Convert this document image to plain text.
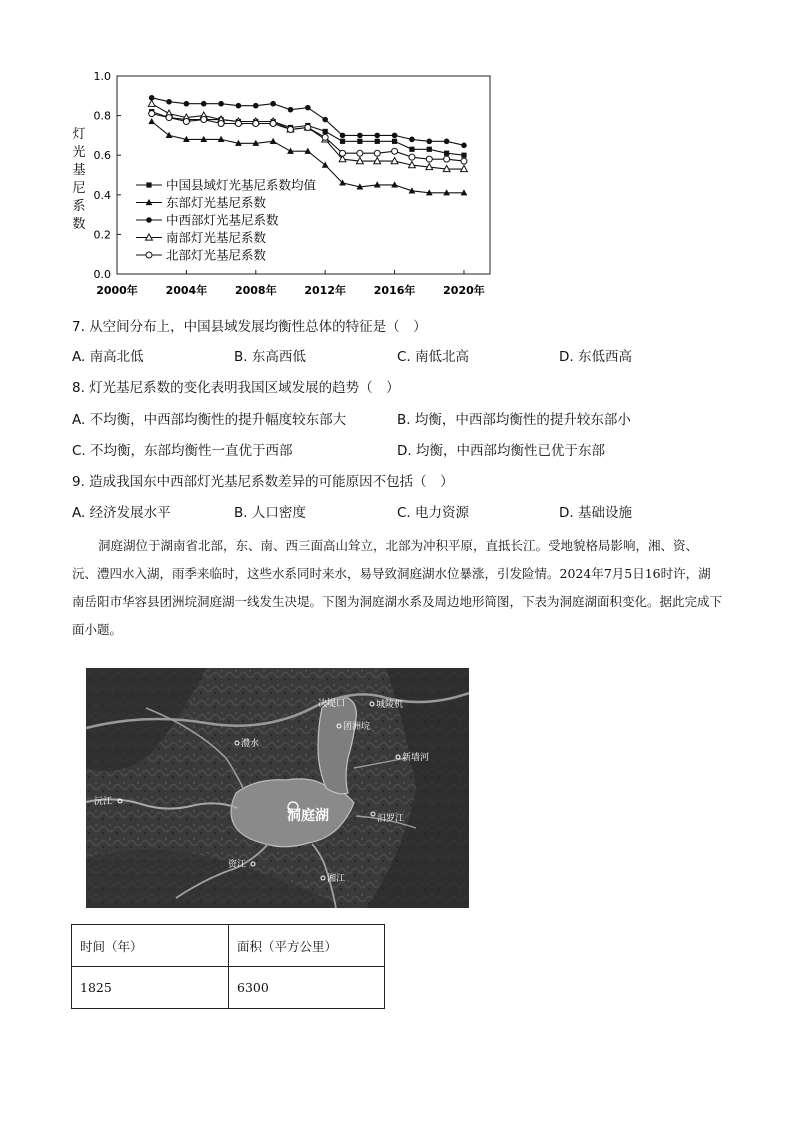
灯光基尼系数
0.0
0.2
0.4
0.6
0.8
1.0
2000年	2004年	2008年	2012年	2016年	2020年
中国县域灯光基尼系数均值
东部灯光基尼系数
中西部灯光基尼系数
南部灯光基尼系数
北部灯光基尼系数
7. 从空间分布上，中国县域发展均衡性总体的特征是（　）
A. 南高北低	B. 东高西低	C. 南低北高	D. 东低西高
8. 灯光基尼系数的变化表明我国区域发展的趋势（　）
A. 不均衡，中西部均衡性的提升幅度较东部大	B. 均衡，中西部均衡性的提升较东部小
C. 不均衡，东部均衡性一直优于西部	D. 均衡，中西部均衡性已优于东部
9. 造成我国东中西部灯光基尼系数差异的可能原因不包括（　）
A. 经济发展水平	B. 人口密度	C. 电力资源	D. 基础设施
洞庭湖位于湖南省北部，东、南、西三面高山耸立，北部为冲积平原，直抵长江。受地貌格局影响，湘、资、沅、澧四水入湖，雨季来临时，这些水系同时来水，易导致洞庭湖水位暴涨，引发险情。2024年7月5日16时许，湖南岳阳市华容县团洲垸洞庭湖一线发生决堤。下图为洞庭湖水系及周边地形简图，下表为洞庭湖面积变化。据此完成下面小题。
洞庭湖
决堤口	城陵机
团洲垸
澧水
新墙河
沅江
汨罗江
资江
湘江
时间（年）	面积（平方公里）
1825	6300
